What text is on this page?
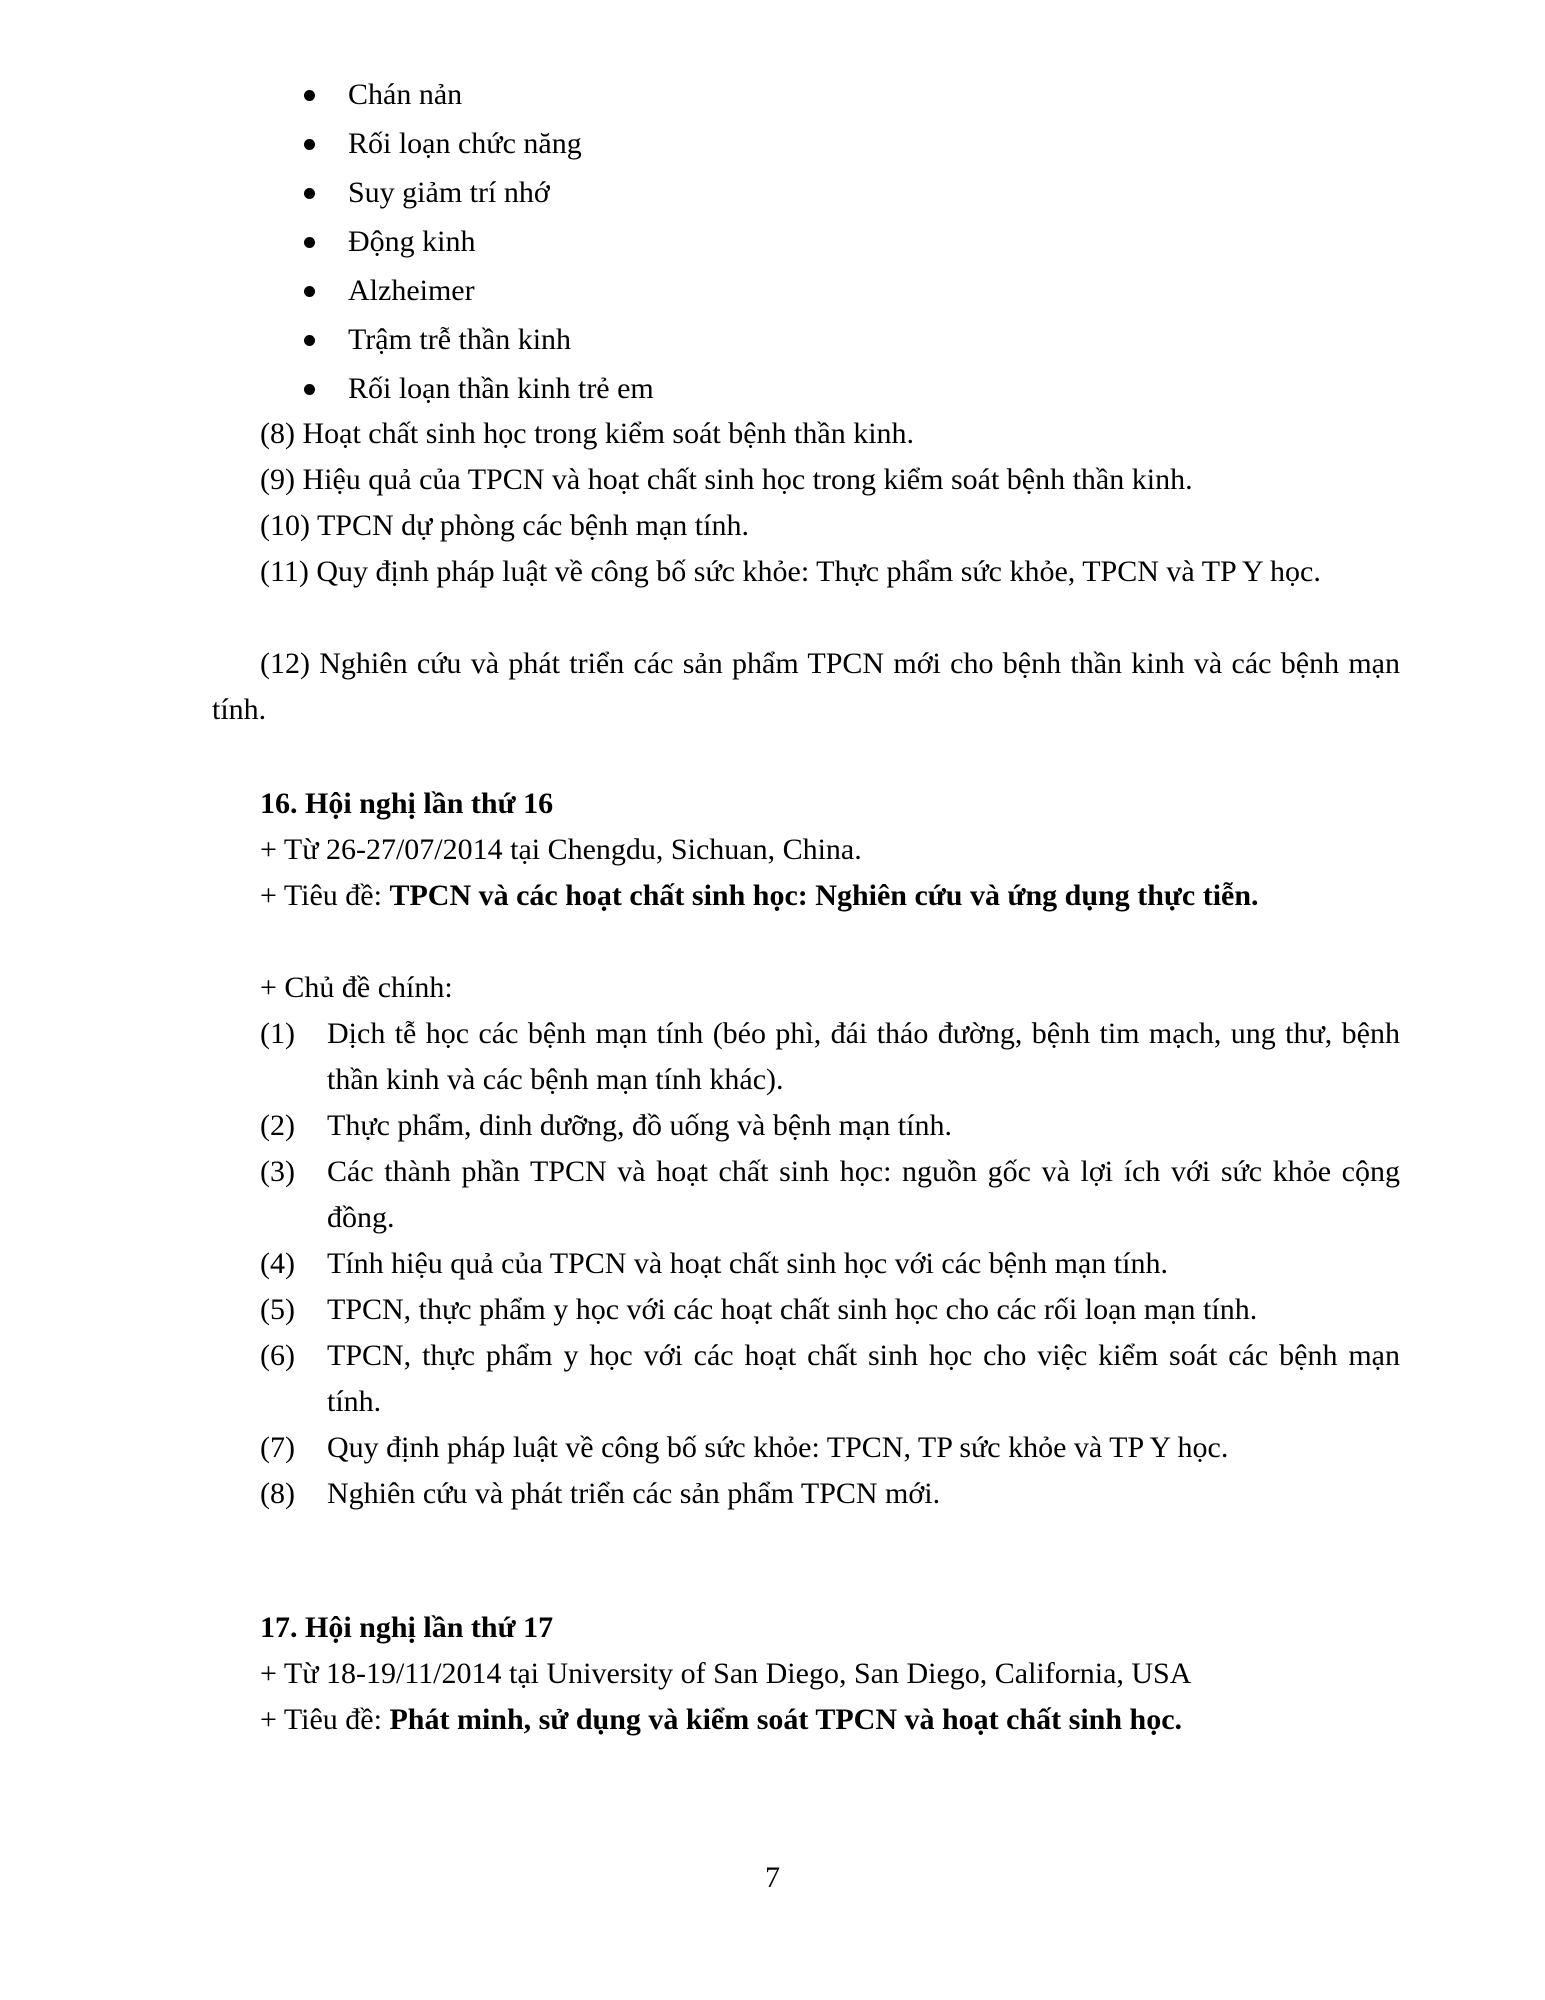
Chán nản
Rối loạn chức năng
Suy giảm trí nhớ
Động kinh
Alzheimer
Trậm trễ thần kinh
Rối loạn thần kinh trẻ em

(8) Hoạt chất sinh học trong kiểm soát bệnh thần kinh.

(9) Hiệu quả của TPCN và hoạt chất sinh học trong kiểm soát bệnh thần kinh.

(10) TPCN dự phòng các bệnh mạn tính.

(11) Quy định pháp luật về công bố sức khỏe: Thực phẩm sức khỏe, TPCN và TP Y học.

(12) Nghiên cứu và phát triển các sản phẩm TPCN mới cho bệnh thần kinh và các bệnh mạn tính.

16. Hội nghị lần thứ 16

+ Từ 26-27/07/2014 tại Chengdu, Sichuan, China.

+ Tiêu đề: TPCN và các hoạt chất sinh học: Nghiên cứu và ứng dụng thực tiễn.

+ Chủ đề chính:

(1) Dịch tễ học các bệnh mạn tính (béo phì, đái tháo đường, bệnh tim mạch, ung thư, bệnh thần kinh và các bệnh mạn tính khác).
(2) Thực phẩm, dinh dưỡng, đồ uống và bệnh mạn tính.
(3) Các thành phần TPCN và hoạt chất sinh học: nguồn gốc và lợi ích với sức khỏe cộng đồng.
(4) Tính hiệu quả của TPCN và hoạt chất sinh học với các bệnh mạn tính.
(5) TPCN, thực phẩm y học với các hoạt chất sinh học cho các rối loạn mạn tính.
(6) TPCN, thực phẩm y học với các hoạt chất sinh học cho việc kiểm soát các bệnh mạn tính.
(7) Quy định pháp luật về công bố sức khỏe: TPCN, TP sức khỏe và TP Y học.
(8) Nghiên cứu và phát triển các sản phẩm TPCN mới.

17. Hội nghị lần thứ 17

+ Từ 18-19/11/2014 tại University of San Diego, San Diego, California, USA

+ Tiêu đề: Phát minh, sử dụng và kiểm soát TPCN và hoạt chất sinh học.

7
